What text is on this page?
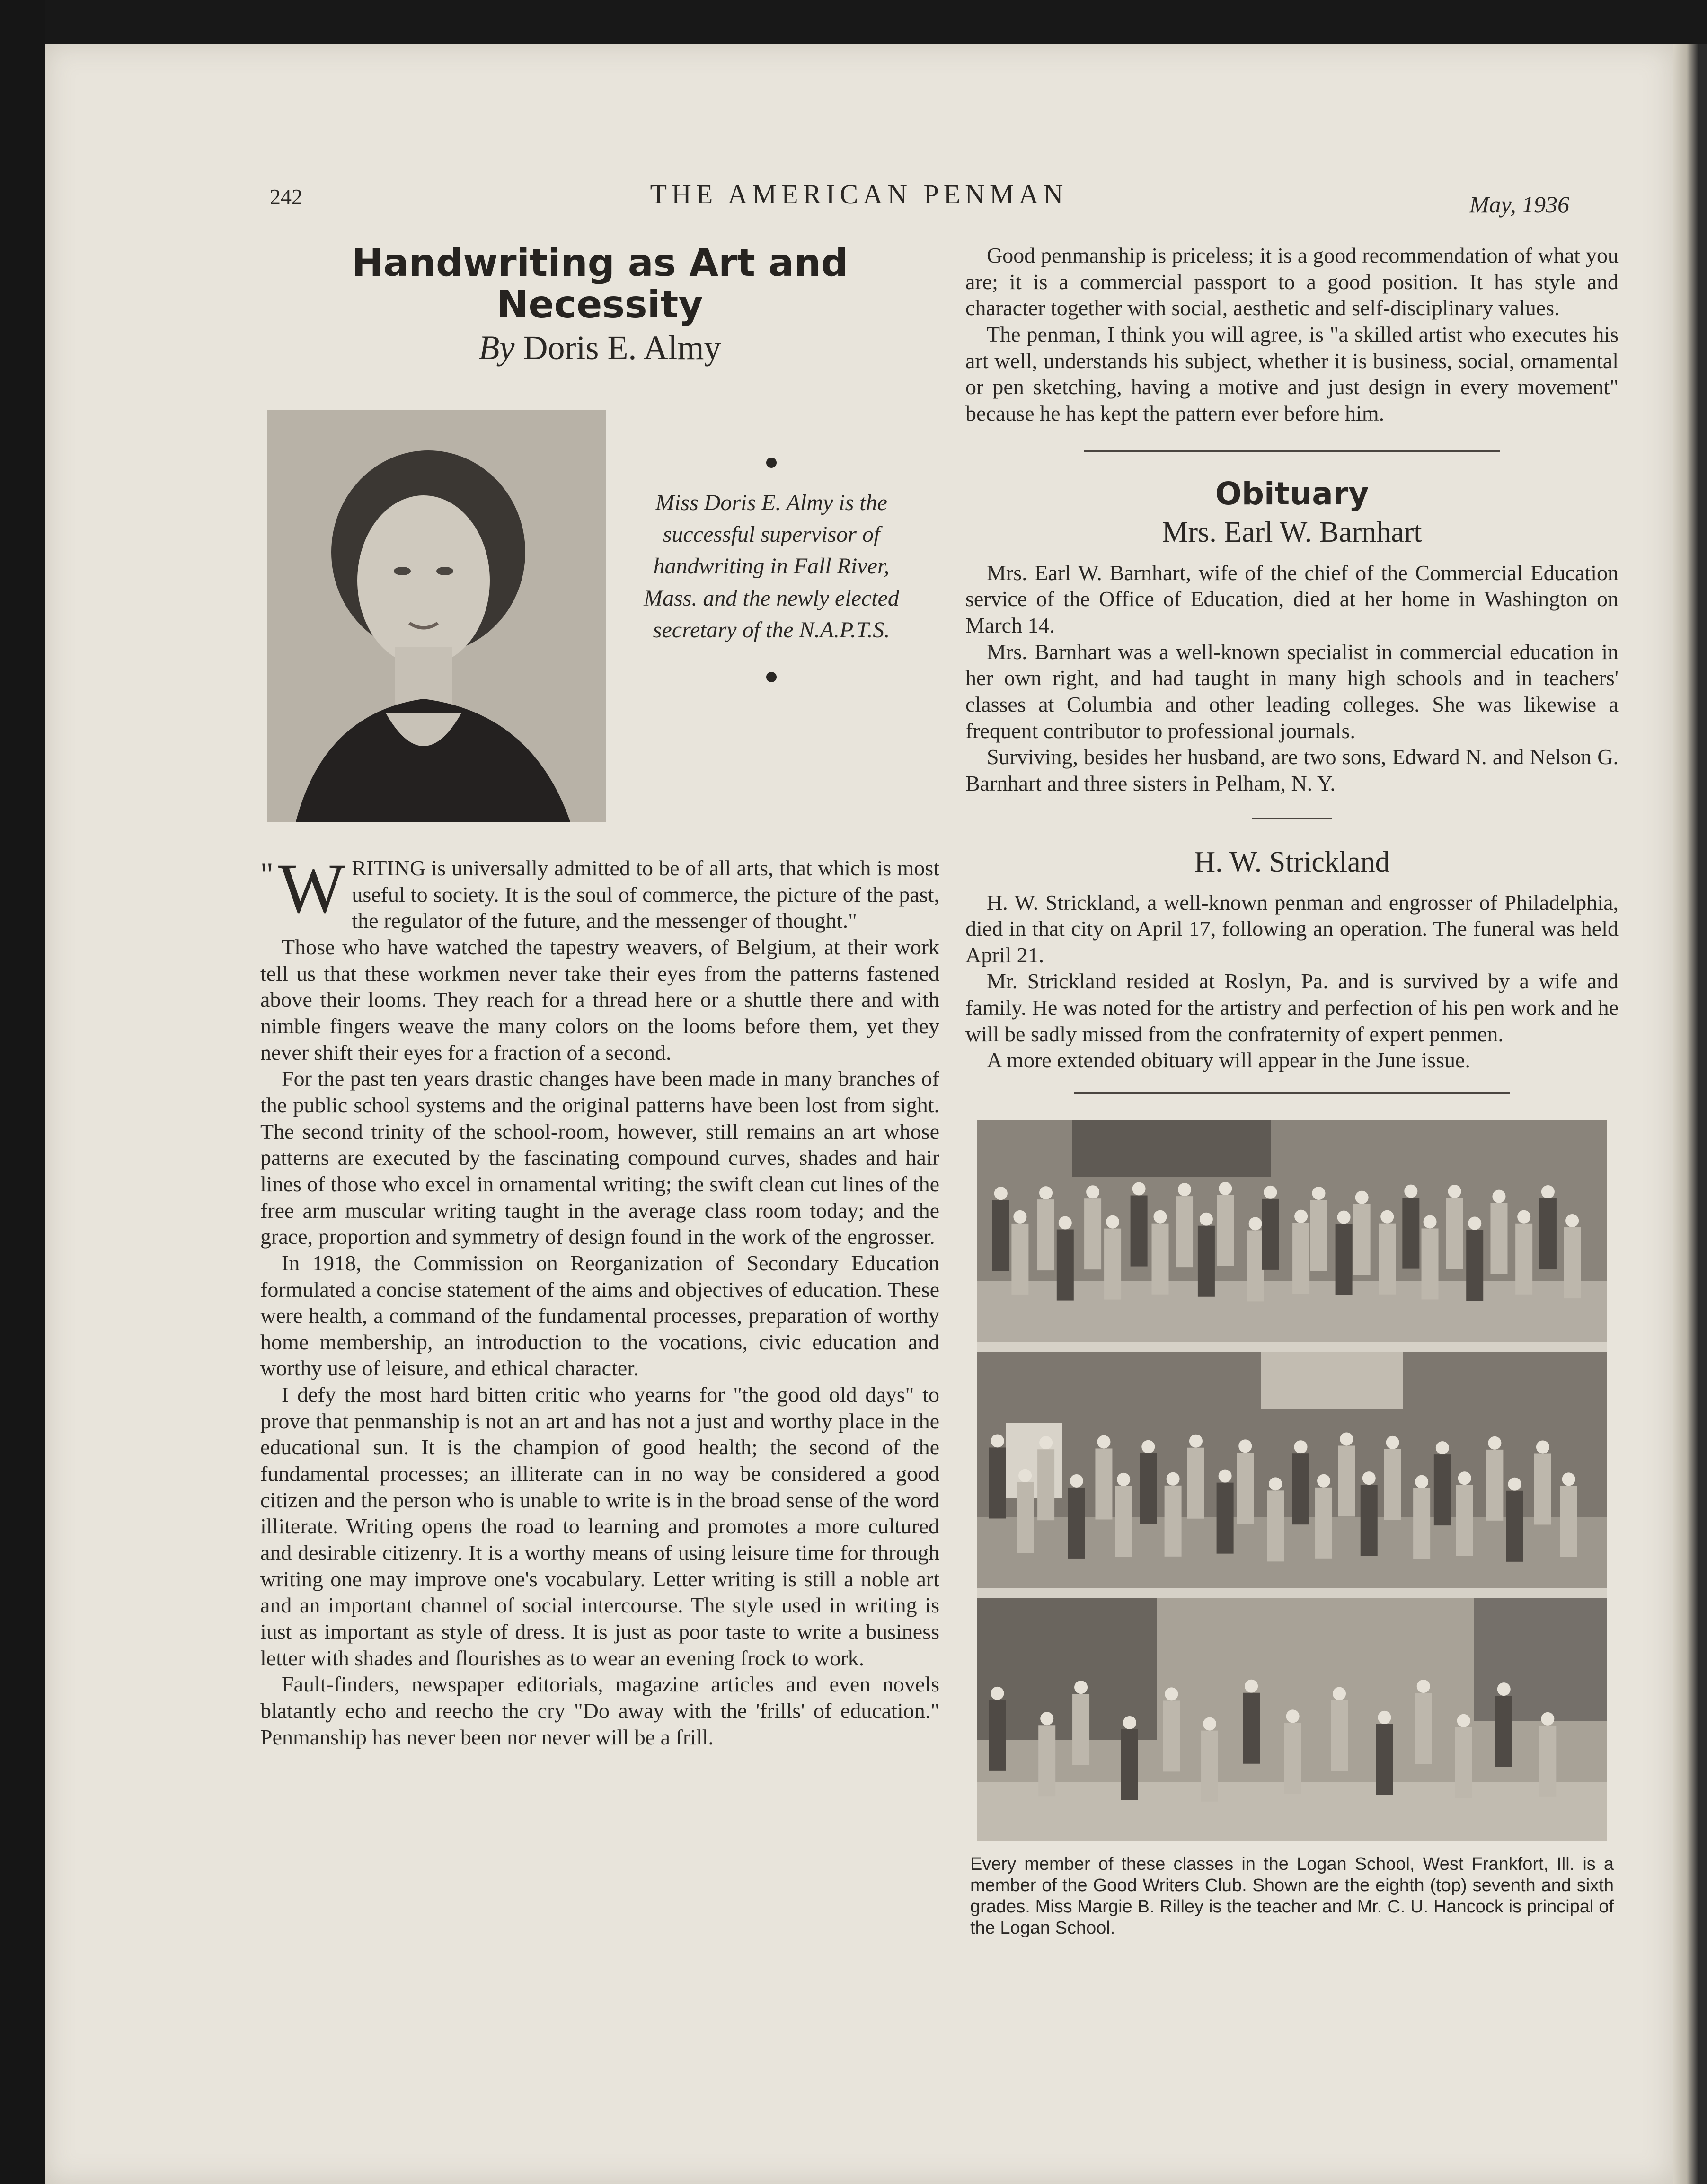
242	THE AMERICAN PENMAN	May, 1936
Handwriting as Art and Necessity
By Doris E. Almy
Miss Doris E. Almy is the successful supervisor of handwriting in Fall River, Mass. and the newly elected secretary of the N.A.P.T.S.

" W RITING is universally admitted to be of all arts, that which is most useful to society. It is the soul of commerce, the picture of the past, the regulator of the future, and the messenger of thought."

Those who have watched the tapestry weavers, of Belgium, at their work tell us that these workmen never take their eyes from the patterns fastened above their looms. They reach for a thread here or a shuttle there and with nimble fingers weave the many colors on the looms before them, yet they never shift their eyes for a fraction of a second.

For the past ten years drastic changes have been made in many branches of the public school systems and the original patterns have been lost from sight. The second trinity of the school-room, however, still remains an art whose patterns are executed by the fascinating compound curves, shades and hair lines of those who excel in ornamental writing; the swift clean cut lines of the free arm muscular writing taught in the average class room today; and the grace, proportion and symmetry of design found in the work of the engrosser.

In 1918, the Commission on Reorganization of Secondary Education formulated a concise statement of the aims and objectives of education. These were health, a command of the fundamental processes, preparation of worthy home membership, an introduction to the vocations, civic education and worthy use of leisure, and ethical character.

I defy the most hard bitten critic who yearns for "the good old days" to prove that penmanship is not an art and has not a just and worthy place in the educational sun. It is the champion of good health; the second of the fundamental processes; an illiterate can in no way be considered a good citizen and the person who is unable to write is in the broad sense of the word illiterate. Writing opens the road to learning and promotes a more cultured and desirable citizenry. It is a worthy means of using leisure time for through writing one may improve one's vocabulary. Letter writing is still a noble art and an important channel of social intercourse. The style used in writing is iust as important as style of dress. It is just as poor taste to write a business letter with shades and flourishes as to wear an evening frock to work.

Fault-finders, newspaper editorials, magazine articles and even novels blatantly echo and reecho the cry "Do away with the 'frills' of education." Penmanship has never been nor never will be a frill.

Good penmanship is priceless; it is a good recommendation of what you are; it is a commercial passport to a good position. It has style and character together with social, aesthetic and self-disciplinary values.

The penman, I think you will agree, is "a skilled artist who executes his art well, understands his subject, whether it is business, social, ornamental or pen sketching, having a motive and just design in every movement" because he has kept the pattern ever before him.

Obituary
Mrs. Earl W. Barnhart

Mrs. Earl W. Barnhart, wife of the chief of the Commercial Education service of the Office of Education, died at her home in Washington on March 14.

Mrs. Barnhart was a well-known specialist in commercial education in her own right, and had taught in many high schools and in teachers' classes at Columbia and other leading colleges. She was likewise a frequent contributor to professional journals.

Surviving, besides her husband, are two sons, Edward N. and Nelson G. Barnhart and three sisters in Pelham, N. Y.

H. W. Strickland

H. W. Strickland, a well-known penman and engrosser of Philadelphia, died in that city on April 17, following an operation. The funeral was held April 21.

Mr. Strickland resided at Roslyn, Pa. and is survived by a wife and family. He was noted for the artistry and perfection of his pen work and he will be sadly missed from the confraternity of expert penmen.

A more extended obituary will appear in the June issue.

Every member of these classes in the Logan School, West Frankfort, Ill. is a member of the Good Writers Club. Shown are the eighth (top) seventh and sixth grades. Miss Margie B. Rilley is the teacher and Mr. C. U. Hancock is principal of the Logan School.
